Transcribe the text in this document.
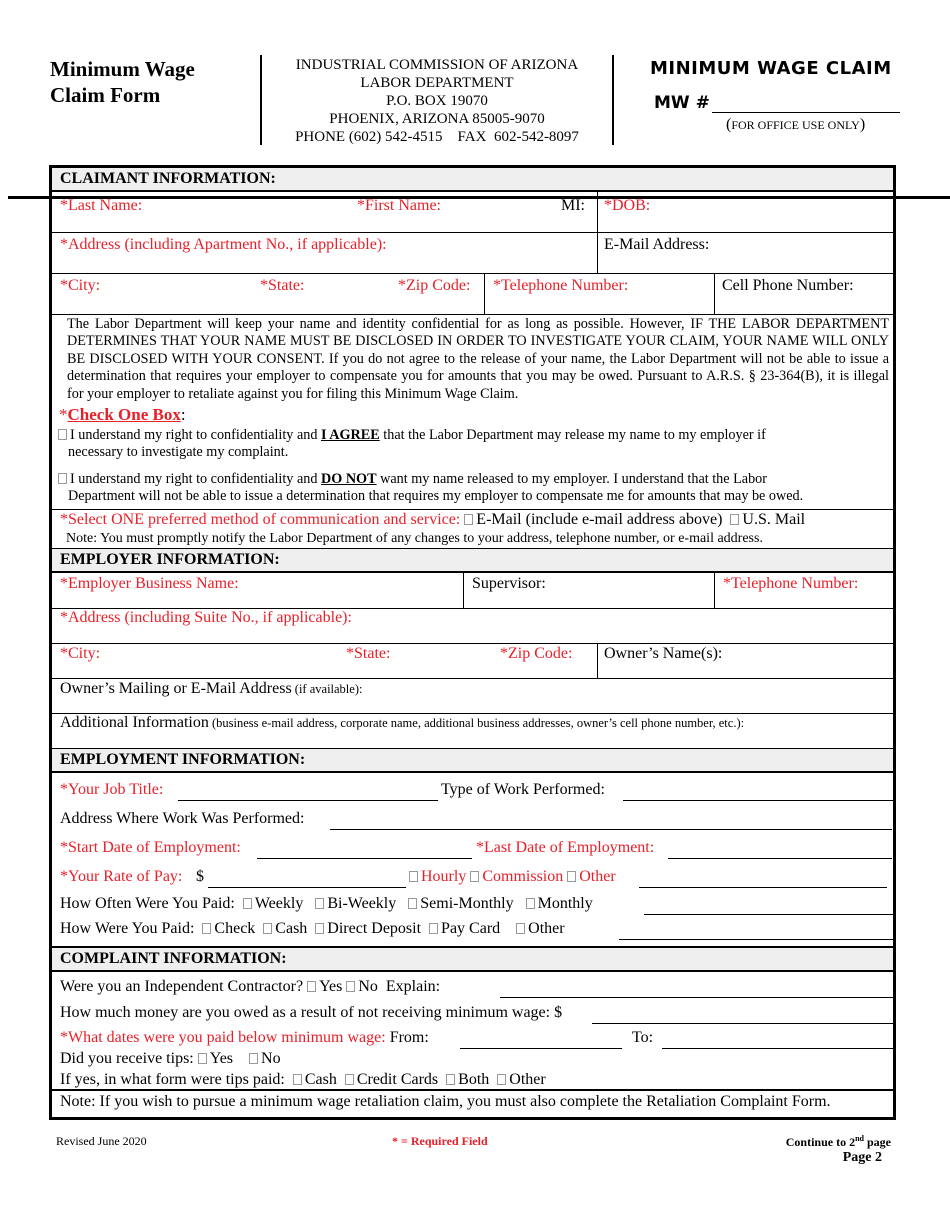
Minimum Wage
Claim Form
INDUSTRIAL COMMISSION OF ARIZONA
LABOR DEPARTMENT
P.O. BOX 19070
PHOENIX, ARIZONA 85005-9070
PHONE (602) 542-4515    FAX  602-542-8097
MINIMUM WAGE CLAIM
MW #
(FOR OFFICE USE ONLY)
CLAIMANT INFORMATION:
*Last Name:	*First Name:	MI: *DOB:
*Address (including Apartment No., if applicable):	E-Mail Address:
*City:	*State:	*Zip Code: *Telephone Number:	Cell Phone Number:
The Labor Department will keep your name and identity confidential for as long as possible. However, IF THE LABOR DEPARTMENT DETERMINES THAT YOUR NAME MUST BE DISCLOSED IN ORDER TO INVESTIGATE YOUR CLAIM, YOUR NAME WILL ONLY BE DISCLOSED WITH YOUR CONSENT. If you do not agree to the release of your name, the Labor Department will not be able to issue a determination that requires your employer to compensate you for amounts that you may be owed. Pursuant to A.R.S. § 23-364(B), it is illegal for your employer to retaliate against you for filing this Minimum Wage Claim.
*Check One Box:
I understand my right to confidentiality and I AGREE that the Labor Department may release my name to my employer if
necessary to investigate my complaint.
I understand my right to confidentiality and DO NOT want my name released to my employer. I understand that the Labor
Department will not be able to issue a determination that requires my employer to compensate me for amounts that may be owed.
*Select ONE preferred method of communication and service: E-Mail (include e-mail address above) U.S. Mail
Note: You must promptly notify the Labor Department of any changes to your address, telephone number, or e-mail address.
EMPLOYER INFORMATION:
*Employer Business Name:	Supervisor:	*Telephone Number:
*Address (including Suite No., if applicable):
*City:	*State:	*Zip Code: Owner’s Name(s):
Owner’s Mailing or E-Mail Address (if available):
Additional Information (business e-mail address, corporate name, additional business addresses, owner’s cell phone number, etc.):
EMPLOYMENT INFORMATION:
*Your Job Title:	Type of Work Performed:
Address Where Work Was Performed:
*Start Date of Employment:	*Last Date of Employment:
*Your Rate of Pay: $	Hourly Commission Other
How Often Were You Paid: Weekly Bi-Weekly Semi-Monthly Monthly
How Were You Paid: Check Cash Direct Deposit Pay Card Other
COMPLAINT INFORMATION:
Were you an Independent Contractor? Yes No Explain:
How much money are you owed as a result of not receiving minimum wage: $
*What dates were you paid below minimum wage: From:	To:
Did you receive tips: Yes No
If yes, in what form were tips paid: Cash Credit Cards Both Other
Note: If you wish to pursue a minimum wage retaliation claim, you must also complete the Retaliation Complaint Form.
Revised June 2020	* = Required Field	Continue to 2nd page
Page 2
